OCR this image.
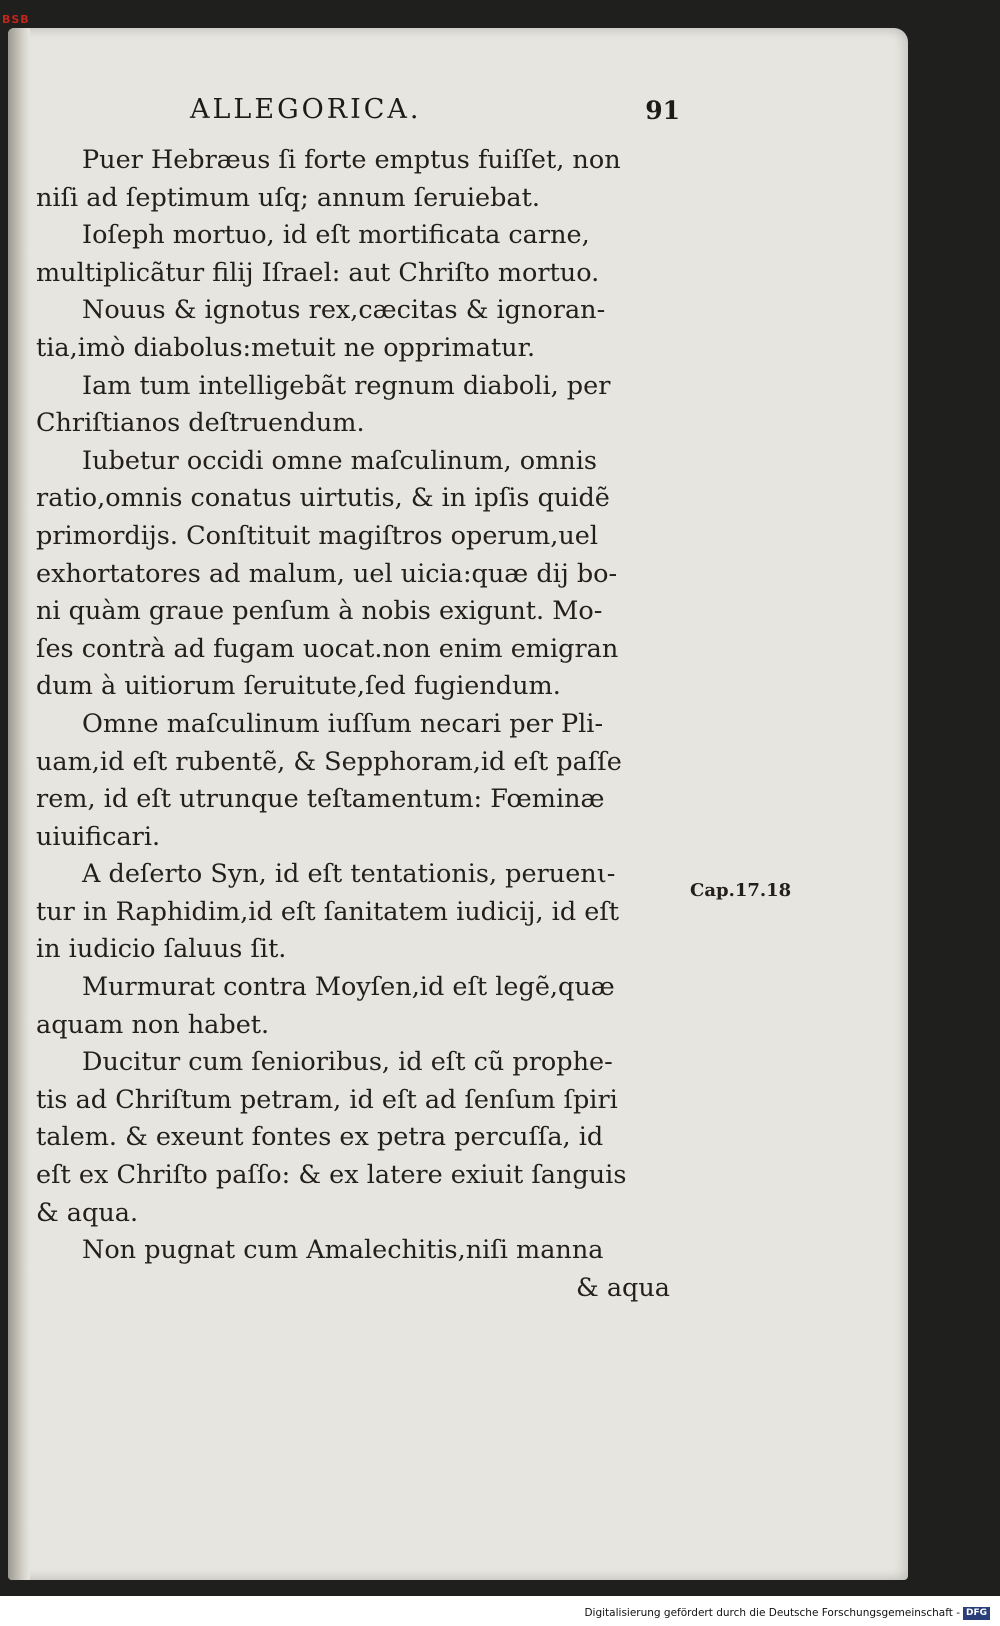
BSB
ALLEGORICA.	91
Puer Hebræus ſi forte emptus fuiſſet, non
niſi ad ſeptimum uſq; annum ſeruiebat.
Ioſeph mortuo, id eſt mortificata carne,
multiplicãtur filij Iſrael: aut Chriſto mortuo.
Nouus & ignotus rex,cæcitas & ignoran-
tia,imò diabolus:metuit ne opprimatur.
Iam tum intelligebãt regnum diaboli, per
Chriſtianos deſtruendum.
Iubetur occidi omne maſculinum, omnis
ratio,omnis conatus uirtutis, & in ipſis quidẽ
primordijs. Conſtituit magiſtros operum,uel
exhortatores ad malum, uel uicia:quæ dij bo-
ni quàm graue penſum à nobis exigunt. Mo-
ſes contrà ad fugam uocat.non enim emigran
dum à uitiorum ſeruitute,ſed fugiendum.
Omne maſculinum iuſſum necari per Pli-
uam,id eſt rubentẽ, & Sepphoram,id eſt paſſe
rem, id eſt utrunque teſtamentum: Fœminæ
uiuificari.
A deſerto Syn, id eſt tentationis, peruenι-
tur in Raphidim,id eſt ſanitatem iudicij, id eſt
in iudicio ſaluus ſit.
Murmurat contra Moyſen,id eſt legẽ,quæ
aquam non habet.
Ducitur cum ſenioribus, id eſt cũ prophe-
tis ad Chriſtum petram, id eſt ad ſenſum ſpiri
talem. & exeunt fontes ex petra percuſſa, id
eſt ex Chriſto paſſo: & ex latere exiuit ſanguis
& aqua.
Non pugnat cum Amalechitis,niſi manna
& aqua
Cap.17.18
Digitalisierung gefördert durch die Deutsche Forschungsgemeinschaft - DFG
